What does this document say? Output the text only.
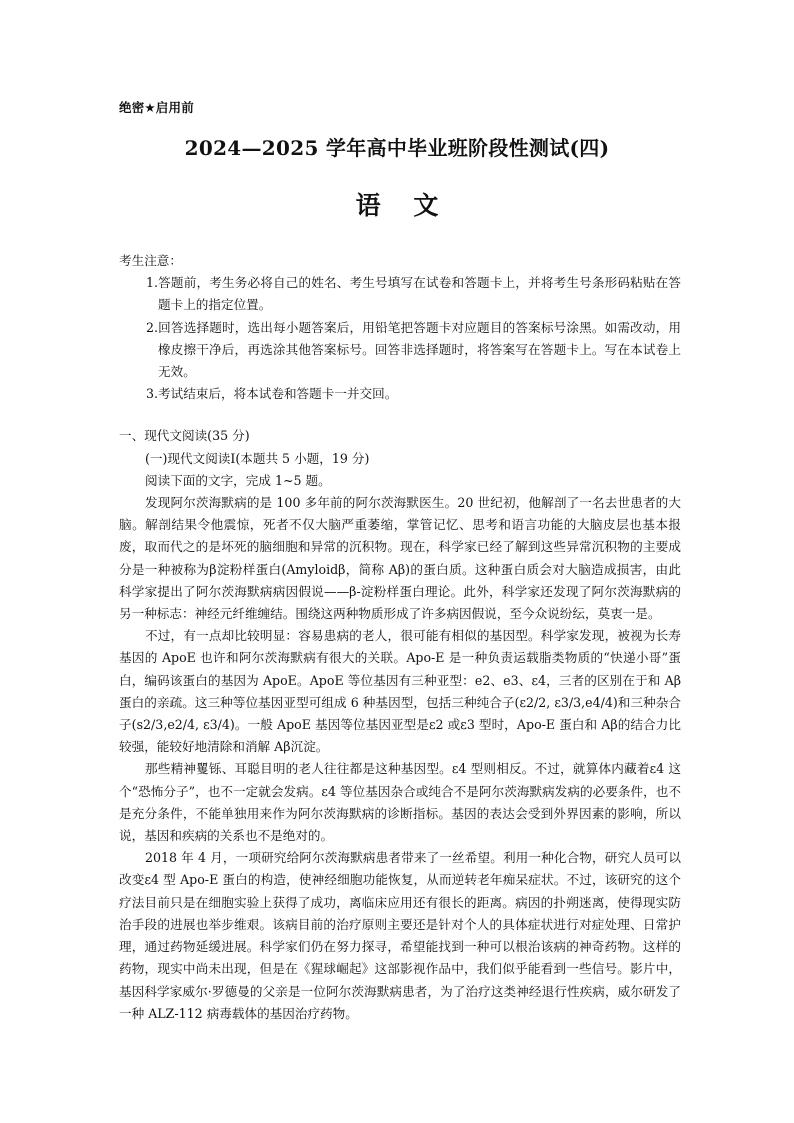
绝密★启用前
2024—2025 学年高中毕业班阶段性测试(四)
语 文

考生注意：

1.答题前，考生务必将自己的姓名、考生号填写在试卷和答题卡上，并将考生号条形码粘贴在答题卡上的指定位置。

2.回答选择题时，选出每小题答案后，用铅笔把答题卡对应题目的答案标号涂黑。如需改动，用橡皮擦干净后，再选涂其他答案标号。回答非选择题时，将答案写在答题卡上。写在本试卷上无效。

3.考试结束后，将本试卷和答题卡一并交回。

一、现代文阅读(35 分)

(一)现代文阅读Ⅰ(本题共 5 小题，19 分)

阅读下面的文字，完成 1~5 题。

发现阿尔茨海默病的是 100 多年前的阿尔茨海默医生。20 世纪初，他解剖了一名去世患者的大脑。解剖结果令他震惊，死者不仅大脑严重萎缩，掌管记忆、思考和语言功能的大脑皮层也基本报废，取而代之的是坏死的脑细胞和异常的沉积物。现在，科学家已经了解到这些异常沉积物的主要成分是一种被称为β淀粉样蛋白(Amyloidβ，简称 Aβ)的蛋白质。这种蛋白质会对大脑造成损害，由此科学家提出了阿尔茨海默病病因假说——β-淀粉样蛋白理论。此外，科学家还发现了阿尔茨海默病的另一种标志：神经元纤维缠结。围绕这两种物质形成了许多病因假说，至今众说纷纭，莫衷一是。

不过，有一点却比较明显：容易患病的老人，很可能有相似的基因型。科学家发现，被视为长寿基因的 ApoE 也许和阿尔茨海默病有很大的关联。Apo-E 是一种负责运载脂类物质的“快递小哥”蛋白，编码该蛋白的基因为 ApoE。ApoE 等位基因有三种亚型：e2、e3、ε4，三者的区别在于和 Aβ蛋白的亲疏。这三种等位基因亚型可组成 6 种基因型，包括三种纯合子(ε2/2, ε3/3,e4/4)和三种杂合子(s2/3,e2/4, ε3/4)。一般 ApoE 基因等位基因亚型是ε2 或ε3 型时，Apo-E 蛋白和 Aβ的结合力比较强，能较好地清除和消解 Aβ沉淀。

那些精神矍铄、耳聪目明的老人往往都是这种基因型。ε4 型则相反。不过，就算体内藏着ε4 这个“恐怖分子”，也不一定就会发病。ε4 等位基因杂合或纯合不是阿尔茨海默病发病的必要条件，也不是充分条件，不能单独用来作为阿尔茨海默病的诊断指标。基因的表达会受到外界因素的影响，所以说，基因和疾病的关系也不是绝对的。

2018 年 4 月，一项研究给阿尔茨海默病患者带来了一丝希望。利用一种化合物，研究人员可以改变ε4 型 Apo-E 蛋白的构造，使神经细胞功能恢复，从而逆转老年痴呆症状。不过，该研究的这个疗法目前只是在细胞实验上获得了成功，离临床应用还有很长的距离。病因的扑朔迷离，使得现实防治手段的进展也举步维艰。该病目前的治疗原则主要还是针对个人的具体症状进行对症处理、日常护理，通过药物延缓进展。科学家们仍在努力探寻，希望能找到一种可以根治该病的神奇药物。这样的药物，现实中尚未出现，但是在《猩球崛起》这部影视作品中，我们似乎能看到一些信号。影片中，基因科学家威尔·罗德曼的父亲是一位阿尔茨海默病患者，为了治疗这类神经退行性疾病，威尔研发了一种 ALZ-112 病毒载体的基因治疗药物。
